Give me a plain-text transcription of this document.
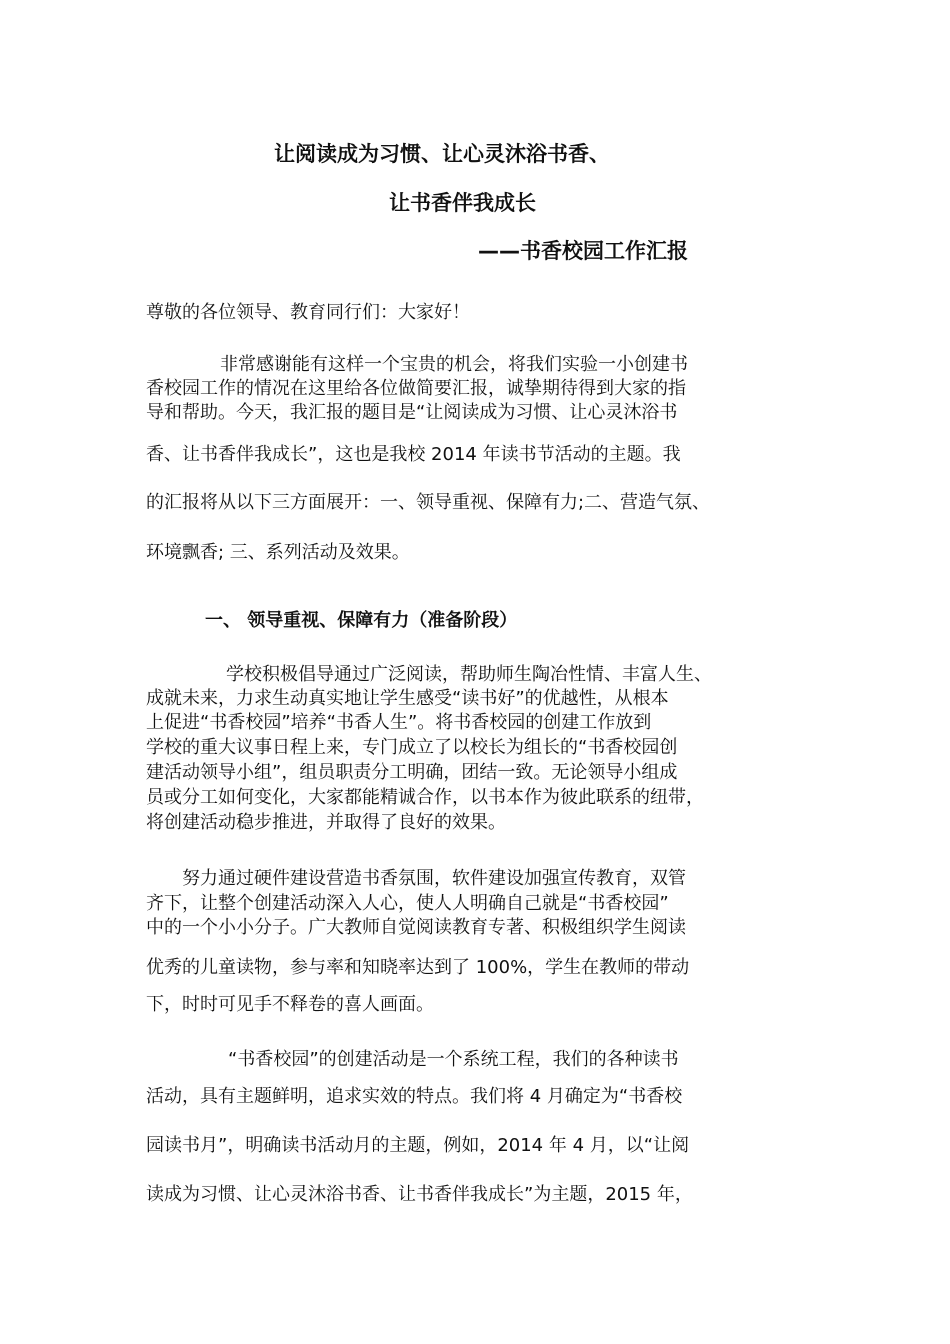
让阅读成为习惯、让心灵沐浴书香、
让书香伴我成长
——书香校园工作汇报
尊敬的各位领导、教育同行们：大家好！
非常感谢能有这样一个宝贵的机会，将我们实验一小创建书
香校园工作的情况在这里给各位做简要汇报，诚挚期待得到大家的指
导和帮助。今天，我汇报的题目是“让阅读成为习惯、让心灵沐浴书
香、让书香伴我成长”，这也是我校 2014 年读书节活动的主题。我
的汇报将从以下三方面展开：一、领导重视、保障有力;二、营造气氛、
环境飘香; 三、系列活动及效果。
一、 领导重视、保障有力（准备阶段）
学校积极倡导通过广泛阅读，帮助师生陶冶性情、丰富人生、
成就未来，力求生动真实地让学生感受“读书好”的优越性，从根本
上促进“书香校园”培养“书香人生”。将书香校园的创建工作放到
学校的重大议事日程上来，专门成立了以校长为组长的“书香校园创
建活动领导小组”，组员职责分工明确，团结一致。无论领导小组成
员或分工如何变化，大家都能精诚合作，以书本作为彼此联系的纽带，
将创建活动稳步推进，并取得了良好的效果。
努力通过硬件建设营造书香氛围，软件建设加强宣传教育，双管
齐下，让整个创建活动深入人心，使人人明确自己就是“书香校园”
中的一个小小分子。广大教师自觉阅读教育专著、积极组织学生阅读
优秀的儿童读物，参与率和知晓率达到了 100%，学生在教师的带动
下，时时可见手不释卷的喜人画面。
“书香校园”的创建活动是一个系统工程，我们的各种读书
活动，具有主题鲜明，追求实效的特点。我们将 4 月确定为“书香校
园读书月”，明确读书活动月的主题，例如，2014 年 4 月，以“让阅
读成为习惯、让心灵沐浴书香、让书香伴我成长”为主题，2015 年，
